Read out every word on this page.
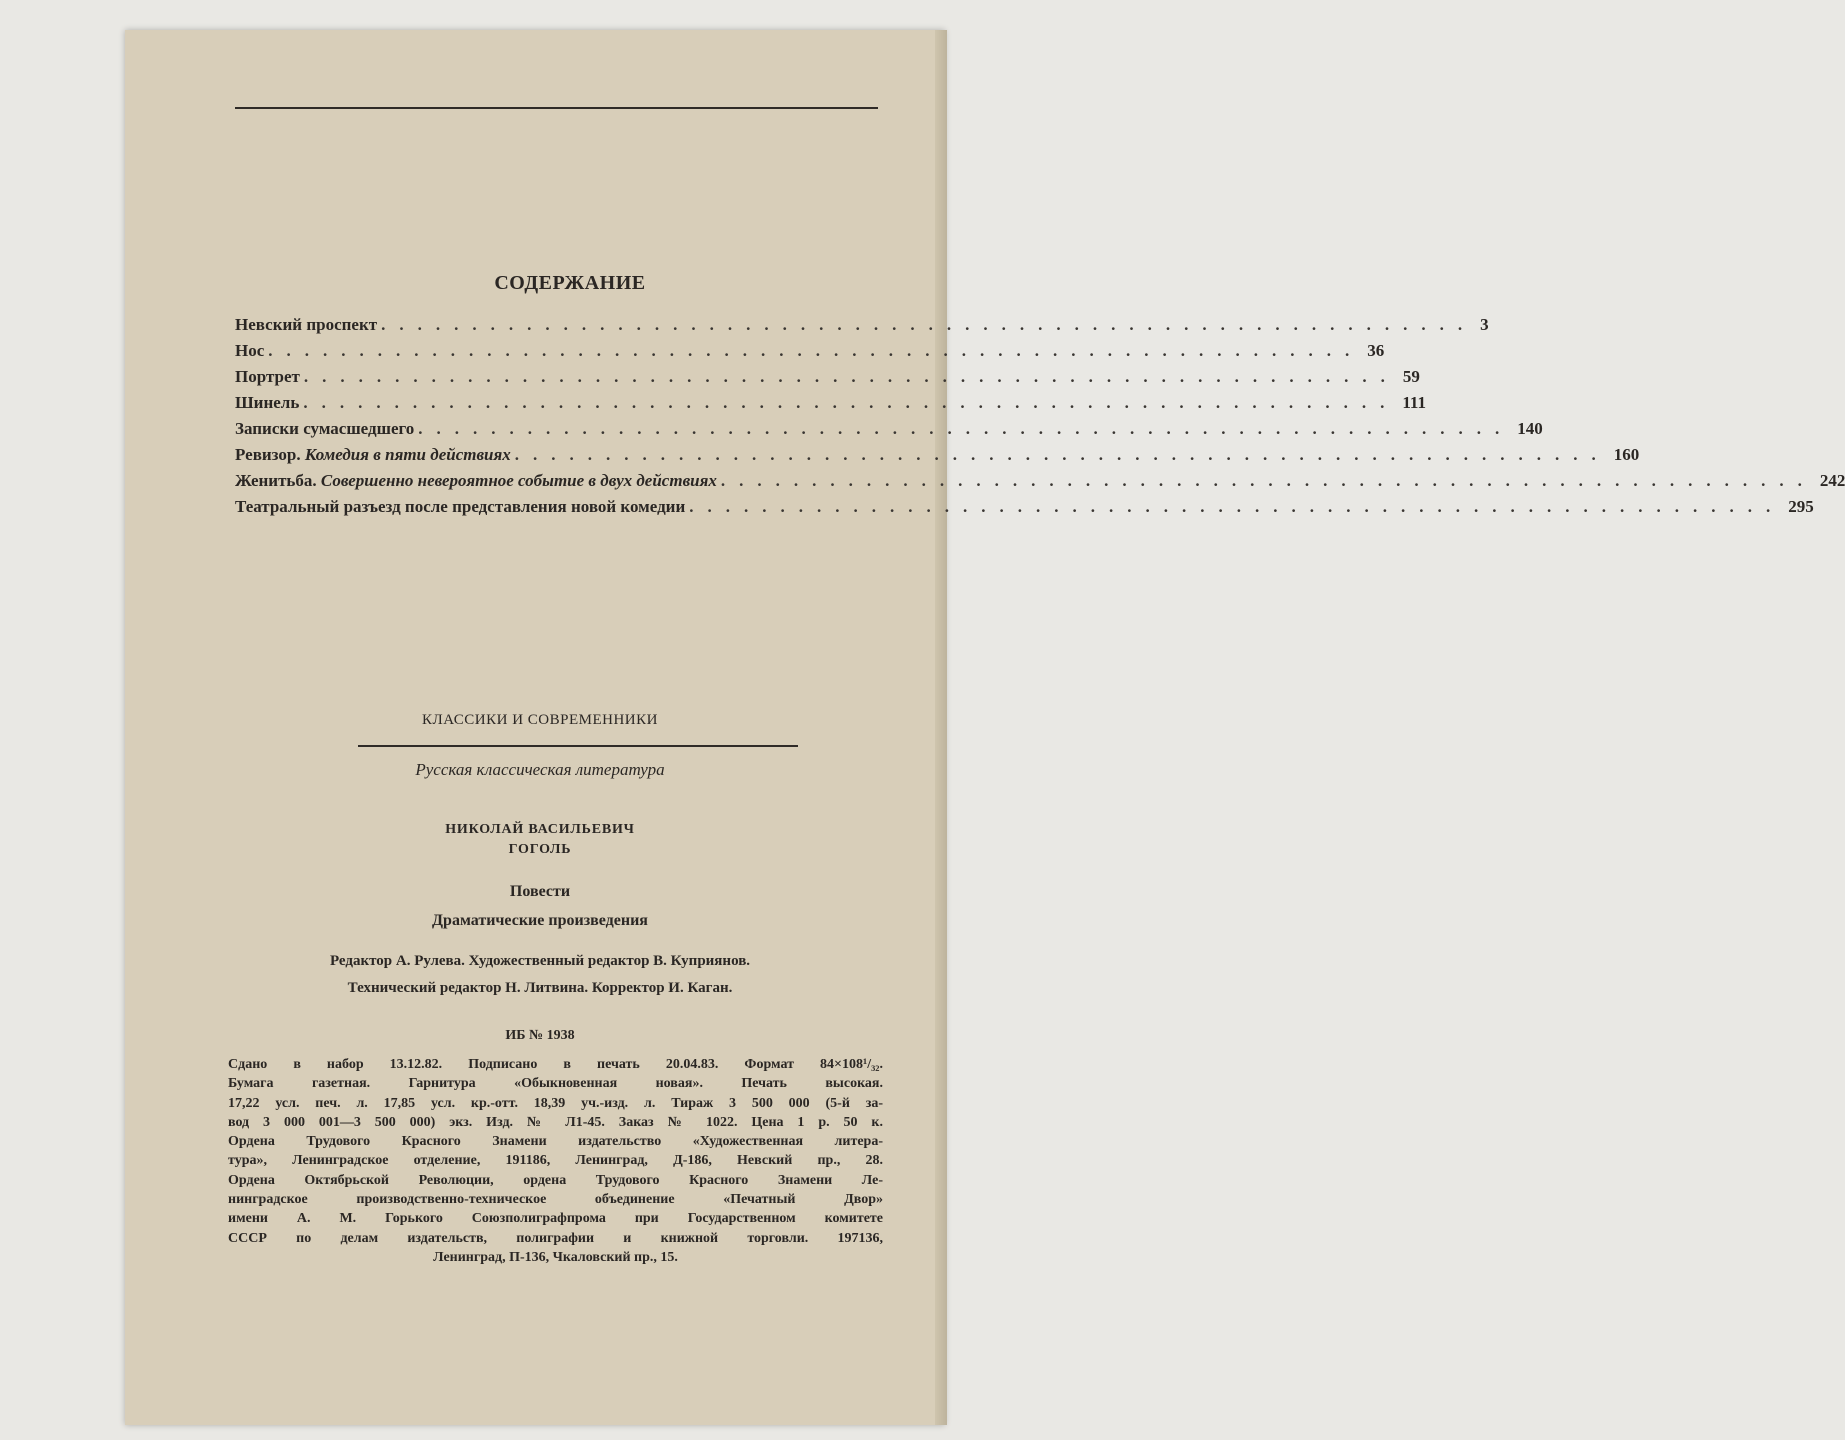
СОДЕРЖАНИЕ
Невский проспект ............................................................ 3
Нос ............................................................ 36
Портрет ............................................................ 59
Шинель ............................................................ 111
Записки сумасшедшего ............................................................ 140
Ревизор. Комедия в пяти действиях ............................................................ 160
Женитьба. Совершенно невероятное событие в двух действиях ............................................................ 242
Театральный разъезд после представления новой комедии ............................................................ 295
КЛАССИКИ И СОВРЕМЕННИКИ
Русская классическая литература
НИКОЛАЙ ВАСИЛЬЕВИЧ
ГОГОЛЬ
Повести
Драматические произведения
Редактор А. Рулева. Художественный редактор В. Куприянов.
Технический редактор Н. Литвина. Корректор И. Каган.
ИБ № 1938
Сдано в набор 13.12.82. Подписано в печать 20.04.83. Формат 84×108¹/₃₂.
Бумага газетная. Гарнитура «Обыкновенная новая». Печать высокая.
17,22 усл. печ. л. 17,85 усл. кр.-отт. 18,39 уч.-изд. л. Тираж 3 500 000 (5-й за-
вод 3 000 001—3 500 000) экз. Изд. № Л1-45. Заказ № 1022. Цена 1 р. 50 к.
Ордена Трудового Красного Знамени издательство «Художественная литера-
тура», Ленинградское отделение, 191186, Ленинград, Д-186, Невский пр., 28.
Ордена Октябрьской Революции, ордена Трудового Красного Знамени Ле-
нинградское производственно-техническое объединение «Печатный Двор»
имени А. М. Горького Союзполиграфпрома при Государственном комитете
СССР по делам издательств, полиграфии и книжной торговли. 197136,
Ленинград, П-136, Чкаловский пр., 15.
